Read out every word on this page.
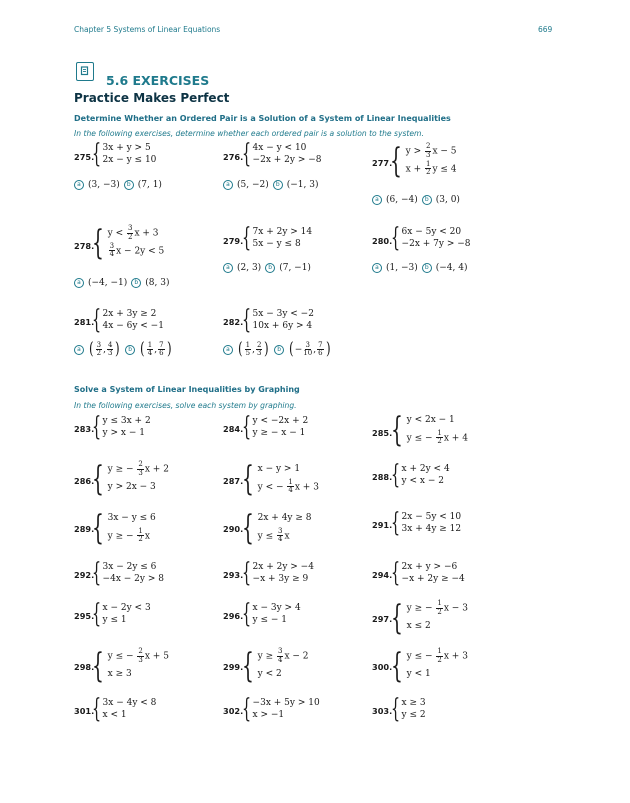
Chapter 5 Systems of Linear Equations	669
5.6 EXERCISES
Practice Makes Perfect
Determine Whether an Ordered Pair is a Solution of a System of Linear Inequalities
In the following exercises, determine whether each ordered pair is a solution to the system.
275.
{ 3x + y > 5
2x − y ≤ 10
a (3, −3)	b (7, 1)
276.
{ 4x − y < 10
−2x + 2y > −8
a (5, −2)	b (−1, 3)
277.
{ $y > \frac{2}{3}$ x − 5
$x + \frac{1}{2}$ y ≤ 4
a (6, −4)	b (3, 0)
278.
{ $y < \frac{3}{2}$ x + 3
$\frac{3}{4}$ x − 2y < 5
a (−4, −1)	b (8, 3)
279.
{ 7x + 2y > 14
5x − y ≤ 8
a (2, 3)	b (7, −1)
280.
{ 6x − 5y < 20
−2x + 7y > −8
a (1, −3)	b (−4, 4)
281.
{ 2x + 3y ≥ 2
4x − 6y < −1
a ( $\frac{3}{2}$ , $\frac{4}{3}$ )	b ( $\frac{1}{4}$ , $\frac{7}{6}$ )
282.
{ 5x − 3y < −2
10x + 6y > 4
a ( $\frac{1}{5}$ , $\frac{2}{3}$ )	b ( − $\frac{3}{10}$ , $\frac{7}{6}$ )
Solve a System of Linear Inequalities by Graphing
In the following exercises, solve each system by graphing.
283.
{ y ≤ 3x + 2
y > x − 1	284.
{ y < −2x + 2
y ≥ − x − 1	285.
{ y < 2x − 1
y ≤ − $\frac{1}{2}$ x + 4
286.
{ y ≥ − $\frac{2}{3}$ x + 2
y > 2x − 3
287.
{ x − y > 1
y < − $\frac{1}{4}$ x + 3
288.
{ x + 2y < 4
y < x − 2
289.
{ 3x − y ≤ 6
y ≥ − $\frac{1}{2}$ x
290.
{ 2x + 4y ≥ 8
$y \le \frac{3}{4}$ x
291.
{ 2x − 5y < 10
3x + 4y ≥ 12
292.
{ 3x − 2y ≤ 6
−4x − 2y > 8	293.
{ 2x + 2y > −4
−x + 3y ≥ 9	294.
{ 2x + y > −6
−x + 2y ≥ −4
295.
{ x − 2y < 3
y ≤ 1	296.
{ x − 3y > 4
y ≤ − 1	297.
{ y ≥ − $\frac{1}{2}$ x − 3
x ≤ 2
298.
{ y ≤ − $\frac{2}{3}$ x + 5
x ≥ 3
299.
{ $y \ge \frac{3}{4}$ x − 2
y < 2
300.
{ y ≤ − $\frac{1}{2}$ x + 3
y < 1
301.
{ 3x − 4y < 8
x < 1	302.
{ −3x + 5y > 10
x > −1	303.
{ x ≥ 3
y ≤ 2
